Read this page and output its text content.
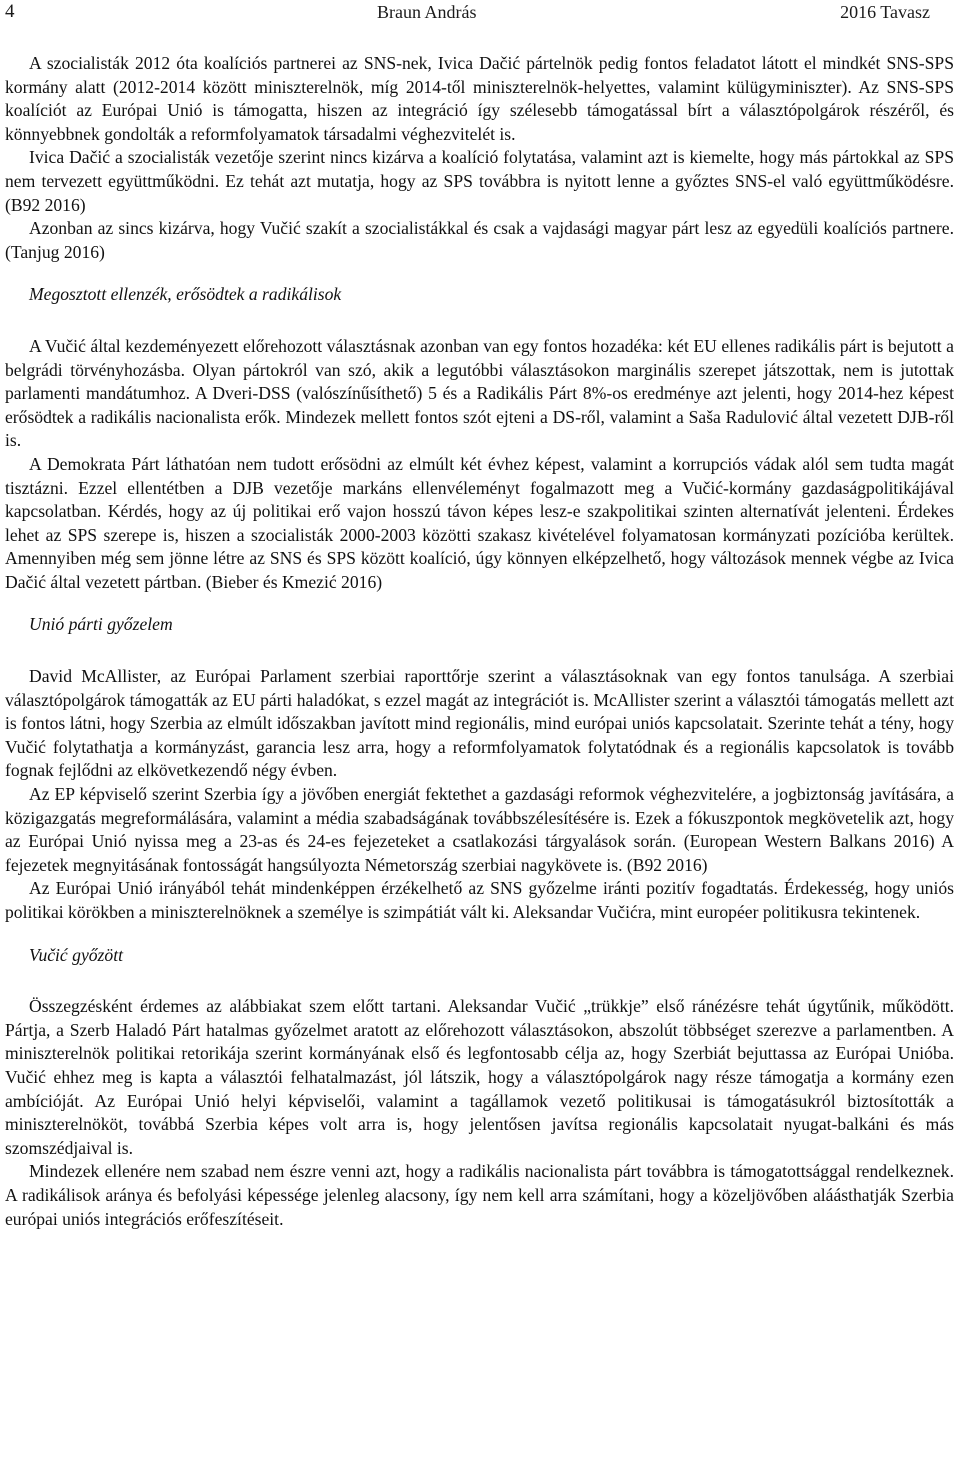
4	Braun András	2016 Tavasz

A szocialisták 2012 óta koalíciós partnerei az SNS-nek, Ivica Dačić pártelnök pedig fontos feladatot látott el mindkét SNS-SPS kormány alatt (2012-2014 között miniszterelnök, míg 2014-től miniszterelnök-helyettes, valamint külügyminiszter). Az SNS-SPS koalíciót az Európai Unió is támogatta, hiszen az integráció így szélesebb támogatással bírt a választópolgárok részéről, és könnyebbnek gondolták a reformfolyamatok társadalmi véghezvitelét is.

Ivica Dačić a szocialisták vezetője szerint nincs kizárva a koalíció folytatása, valamint azt is kiemelte, hogy más pártokkal az SPS nem tervezett együttműködni. Ez tehát azt mutatja, hogy az SPS továbbra is nyitott lenne a győztes SNS-el való együttműködésre. (B92 2016)

Azonban az sincs kizárva, hogy Vučić szakít a szocialistákkal és csak a vajdasági magyar párt lesz az egyedüli koalíciós partnere. (Tanjug 2016)

Megosztott ellenzék, erősödtek a radikálisok

A Vučić által kezdeményezett előrehozott választásnak azonban van egy fontos hozadéka: két EU ellenes radikális párt is bejutott a belgrádi törvényhozásba. Olyan pártokról van szó, akik a legutóbbi választásokon marginális szerepet játszottak, nem is jutottak parlamenti mandátumhoz. A Dveri-DSS (valószínűsíthető) 5 és a Radikális Párt 8%-os eredménye azt jelenti, hogy 2014-hez képest erősödtek a radikális nacionalista erők. Mindezek mellett fontos szót ejteni a DS-ről, valamint a Saša Radulović által vezetett DJB-ről is.

A Demokrata Párt láthatóan nem tudott erősödni az elmúlt két évhez képest, valamint a korrupciós vádak alól sem tudta magát tisztázni. Ezzel ellentétben a DJB vezetője markáns ellenvéleményt fogalmazott meg a Vučić-kormány gazdaságpolitikájával kapcsolatban. Kérdés, hogy az új politikai erő vajon hosszú távon képes lesz-e szakpolitikai szinten alternatívát jelenteni. Érdekes lehet az SPS szerepe is, hiszen a szocialisták 2000-2003 közötti szakasz kivételével folyamatosan kormányzati pozícióba kerültek. Amennyiben még sem jönne létre az SNS és SPS között koalíció, úgy könnyen elképzelhető, hogy változások mennek végbe az Ivica Dačić által vezetett pártban. (Bieber és Kmezić 2016)

Unió párti győzelem

David McAllister, az Európai Parlament szerbiai raporttőrje szerint a választásoknak van egy fontos tanulsága. A szerbiai választópolgárok támogatták az EU párti haladókat, s ezzel magát az integrációt is. McAllister szerint a választói támogatás mellett azt is fontos látni, hogy Szerbia az elmúlt időszakban javított mind regionális, mind európai uniós kapcsolatait. Szerinte tehát a tény, hogy Vučić folytathatja a kormányzást, garancia lesz arra, hogy a reformfolyamatok folytatódnak és a regionális kapcsolatok is tovább fognak fejlődni az elkövetkezendő négy évben.

Az EP képviselő szerint Szerbia így a jövőben energiát fektethet a gazdasági reformok véghezvitelére, a jogbiztonság javítására, a közigazgatás megreformálására, valamint a média szabadságának továbbszélesítésére is. Ezek a fókuszpontok megkövetelik azt, hogy az Európai Unió nyissa meg a 23-as és 24-es fejezeteket a csatlakozási tárgyalások során. (European Western Balkans 2016) A fejezetek megnyitásának fontosságát hangsúlyozta Németország szerbiai nagykövete is. (B92 2016)

Az Európai Unió irányából tehát mindenképpen érzékelhető az SNS győzelme iránti pozitív fogadtatás. Érdekesség, hogy uniós politikai körökben a miniszterelnöknek a személye is szimpátiát vált ki. Aleksandar Vučićra, mint européer politikusra tekintenek.

Vučić győzött

Összegzésként érdemes az alábbiakat szem előtt tartani. Aleksandar Vučić „trükkje” első ránézésre tehát úgytűnik, működött. Pártja, a Szerb Haladó Párt hatalmas győzelmet aratott az előrehozott választásokon, abszolút többséget szerezve a parlamentben. A miniszterelnök politikai retorikája szerint kormányának első és legfontosabb célja az, hogy Szerbiát bejuttassa az Európai Unióba. Vučić ehhez meg is kapta a választói felhatalmazást, jól látszik, hogy a választópolgárok nagy része támogatja a kormány ezen ambícióját. Az Európai Unió helyi képviselői, valamint a tagállamok vezető politikusai is támogatásukról biztosították a miniszterelnököt, továbbá Szerbia képes volt arra is, hogy jelentősen javítsa regionális kapcsolatait nyugat-balkáni és más szomszédjaival is.

Mindezek ellenére nem szabad nem észre venni azt, hogy a radikális nacionalista párt továbbra is támogatottsággal rendelkeznek. A radikálisok aránya és befolyási képessége jelenleg alacsony, így nem kell arra számítani, hogy a közeljövőben aláásthatják Szerbia európai uniós integrációs erőfeszítéseit.
